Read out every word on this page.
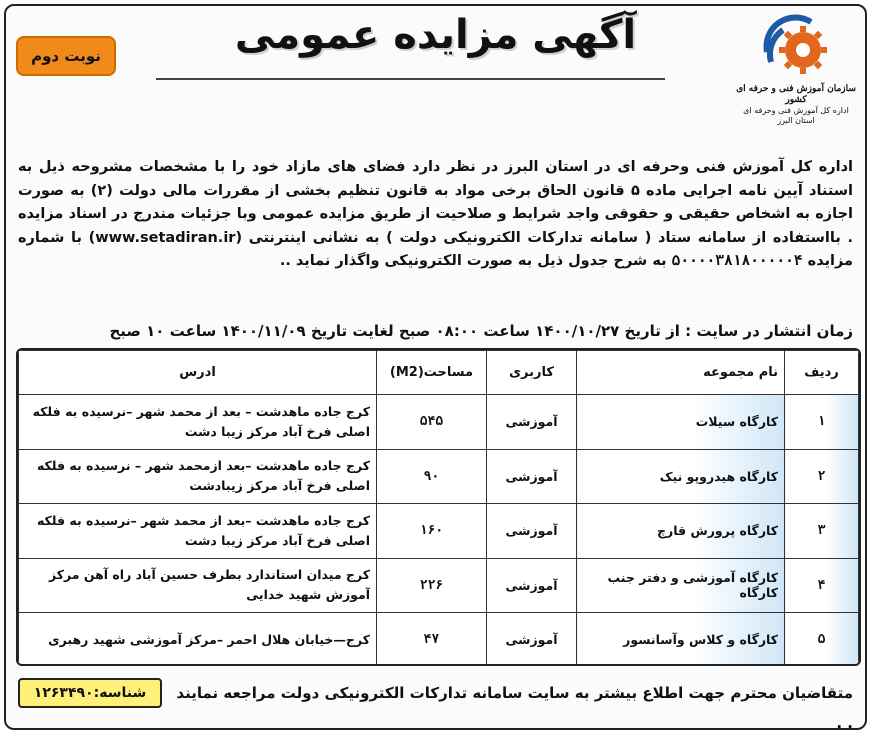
سازمان آموزش فنی و حرفه ای کشور
اداره کل آموزش فنی وحرفه ای
استان البرز
آگهی مزایده عمومی
نوبت دوم
اداره کل آموزش فنی وحرفه ای در استان البرز در نظر دارد فضای های مازاد خود را با مشخصات مشروحه ذیل به استناد آیین نامه اجرایی ماده ۵ قانون الحاق برخی مواد به قانون تنظیم بخشی از مقررات مالی دولت (۲) به صورت اجازه به اشخاص حقیقی و حقوقی واجد شرایط و صلاحیت از طریق مزایده عمومی وبا جزئیات مندرج در اسناد مزایده . بااستفاده از سامانه ستاد ( سامانه تدارکات الکترونیکی دولت ) به نشانی اینترنتی (www.setadiran.ir) با شماره مزایده ۵۰۰۰۰۳۸۱۸۰۰۰۰۰۴ به شرح جدول ذیل به صورت الکترونیکی واگذار نماید ..
زمان انتشار در سایت : از تاریخ ۱۴۰۰/۱۰/۲۷ ساعت ۰۸:۰۰ صبح لغایت تاریخ ۱۴۰۰/۱۱/۰۹ ساعت ۱۰ صبح
ردیف	نام مجموعه	کاربری	مساحت(M2)	ادرس
۱	کارگاه سیلات	آموزشی	۵۴۵	کرج جاده ماهدشت – بعد از محمد شهر –نرسیده به فلکه اصلی فرخ آباد مرکز زیبا دشت
۲	کارگاه هیدروپو نیک	آموزشی	۹۰	کرج جاده ماهدشت –بعد ازمحمد شهر – نرسیده به فلکه اصلی فرخ آباد مرکز زیبادشت
۳	کارگاه پرورش قارچ	آموزشی	۱۶۰	کرج جاده ماهدشت –بعد از محمد شهر –نرسیده به فلکه اصلی فرخ آباد مرکز زیبا دشت
۴	کارگاه آموزشی و دفتر جنب کارگاه	آموزشی	۲۲۶	کرج میدان استاندارد بطرف حسین آباد راه آهن مرکز آموزش شهید خدایی
۵	کارگاه و کلاس وآسانسور	آموزشی	۴۷	کرج—خیابان هلال احمر –مرکز آموزشی شهید رهبری
متقاضیان محترم جهت اطلاع بیشتر به سایت سامانه تدارکات الکترونیکی دولت مراجعه نمایند . .
شناسه:۱۲۶۳۴۹۰
